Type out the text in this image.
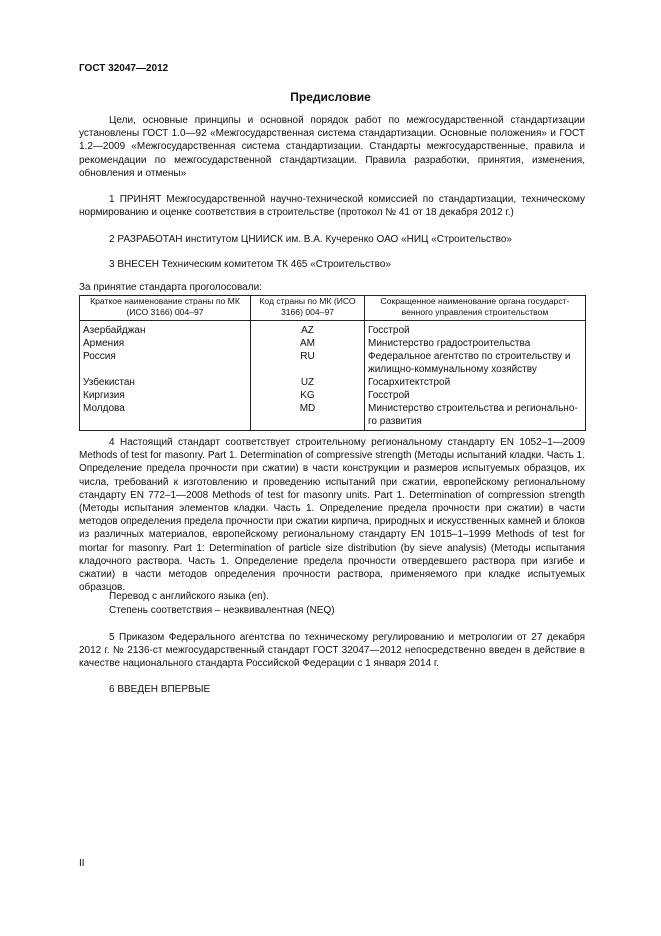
ГОСТ 32047—2012
Предисловие

Цели, основные принципы и основной порядок работ по межгосударственной стандартизации установлены ГОСТ 1.0—92 «Межгосударственная система стандартизации. Основные положения» и ГОСТ 1.2—2009 «Межгосударственная система стандартизации. Стандарты межгосударственные, правила и рекомендации по межгосударственной стандартизации. Правила разработки, принятия, изменения, обновления и отмены»

1 ПРИНЯТ Межгосударственной научно-технической комиссией по стандартизации, техническому нормированию и оценке соответствия в строительстве (протокол № 41 от 18 декабря 2012 г.)

2 РАЗРАБОТАН институтом ЦНИИСК им. В.А. Кучеренко ОАО «НИЦ «Строительство»

3 ВНЕСЕН Техническим комитетом ТК 465 «Строительство»

За принятие стандарта проголосовали:
Краткое наименование страны по МК (ИСО 3166) 004–97	Код страны по МК (ИСО 3166) 004–97	Сокращенное наименование органа государственного управления строительством
Азербайджан	AZ	Госстрой
Армения	AM	Министерство градостроительства
Россия	RU	Федеральное агентство по строительству и жилищно-коммунальному хозяйству
Узбекистан	UZ	Госархитектстрой
Киргизия	KG	Госстрой
Молдова	MD	Министерство строительства и регионального развития

4 Настоящий стандарт соответствует строительному региональному стандарту EN 1052–1—2009 Methods of test for masonry. Part 1. Determination of compressive strength (Методы испытаний кладки. Часть 1. Определение предела прочности при сжатии) в части конструкции и размеров испытуемых образцов, их числа, требований к изготовлению и проведению испытаний при сжатии, европейскому региональному стандарту EN 772–1—2008 Methods of test for masonry units. Part 1. Determination of compression strength (Методы испытания элементов кладки. Часть 1. Определение предела прочности при сжатии) в части методов определения предела прочности при сжатии кирпича, природных и искусственных камней и блоков из различных материалов, европейскому региональному стандарту EN 1015–1–1999 Methods of test for mortar for masonry. Part 1: Determination of particle size distribution (by sieve analysis) (Методы испытания кладочного раствора. Часть 1. Определение предела прочности отвердевшего раствора при изгибе и сжатии) в части методов определения прочности раствора, применяемого при кладке испытуемых образцов.

Перевод с английского языка (en).

Степень соответствия – неэквивалентная (NEQ)

5 Приказом Федерального агентства по техническому регулированию и метрологии от 27 декабря 2012 г. № 2136-ст межгосударственный стандарт ГОСТ 32047—2012 непосредственно введен в действие в качестве национального стандарта Российской Федерации с 1 января 2014 г.

6 ВВЕДЕН ВПЕРВЫЕ

II
